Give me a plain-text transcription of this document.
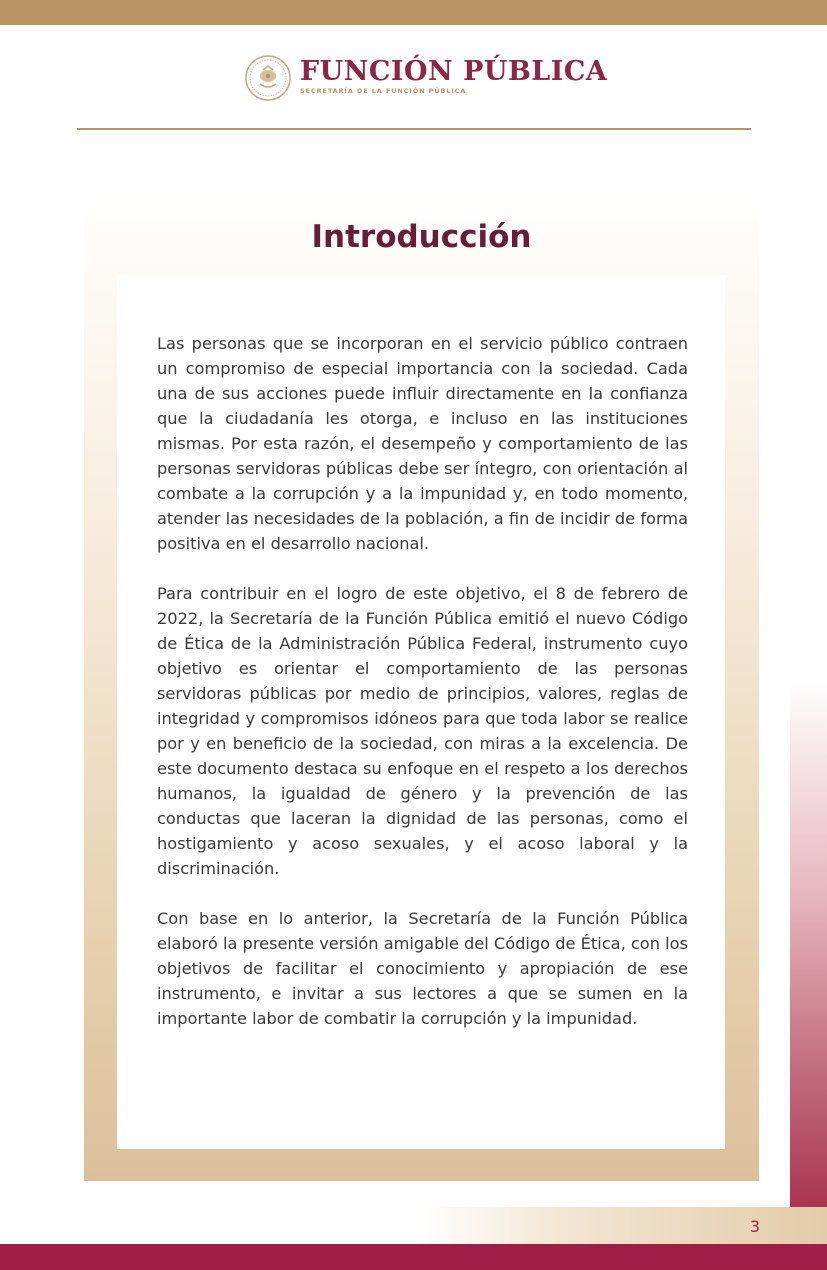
FUNCIÓN PÚBLICA
SECRETARÍA DE LA FUNCIÓN PÚBLICA
Introducción

Las personas que se incorporan en el servicio público contraen un compromiso de especial importancia con la sociedad. Cada una de sus acciones puede influir directamente en la confianza que la ciudadanía les otorga, e incluso en las instituciones mismas. Por esta razón, el desempeño y comportamiento de las personas servidoras públicas debe ser íntegro, con orientación al combate a la corrupción y a la impunidad y, en todo momento, atender las necesidades de la población, a fin de incidir de forma positiva en el desarrollo nacional.

Para contribuir en el logro de este objetivo, el 8 de febrero de 2022, la Secretaría de la Función Pública emitió el nuevo Código de Ética de la Administración Pública Federal, instrumento cuyo objetivo es orientar el comportamiento de las personas servidoras públicas por medio de principios, valores, reglas de integridad y compromisos idóneos para que toda labor se realice por y en beneficio de la sociedad, con miras a la excelencia. De este documento destaca su enfoque en el respeto a los derechos humanos, la igualdad de género y la prevención de las conductas que laceran la dignidad de las personas, como el hostigamiento y acoso sexuales, y el acoso laboral y la discriminación.

Con base en lo anterior, la Secretaría de la Función Pública elaboró la presente versión amigable del Código de Ética, con los objetivos de facilitar el conocimiento y apropiación de ese instrumento, e invitar a sus lectores a que se sumen en la importante labor de combatir la corrupción y la impunidad.

3
